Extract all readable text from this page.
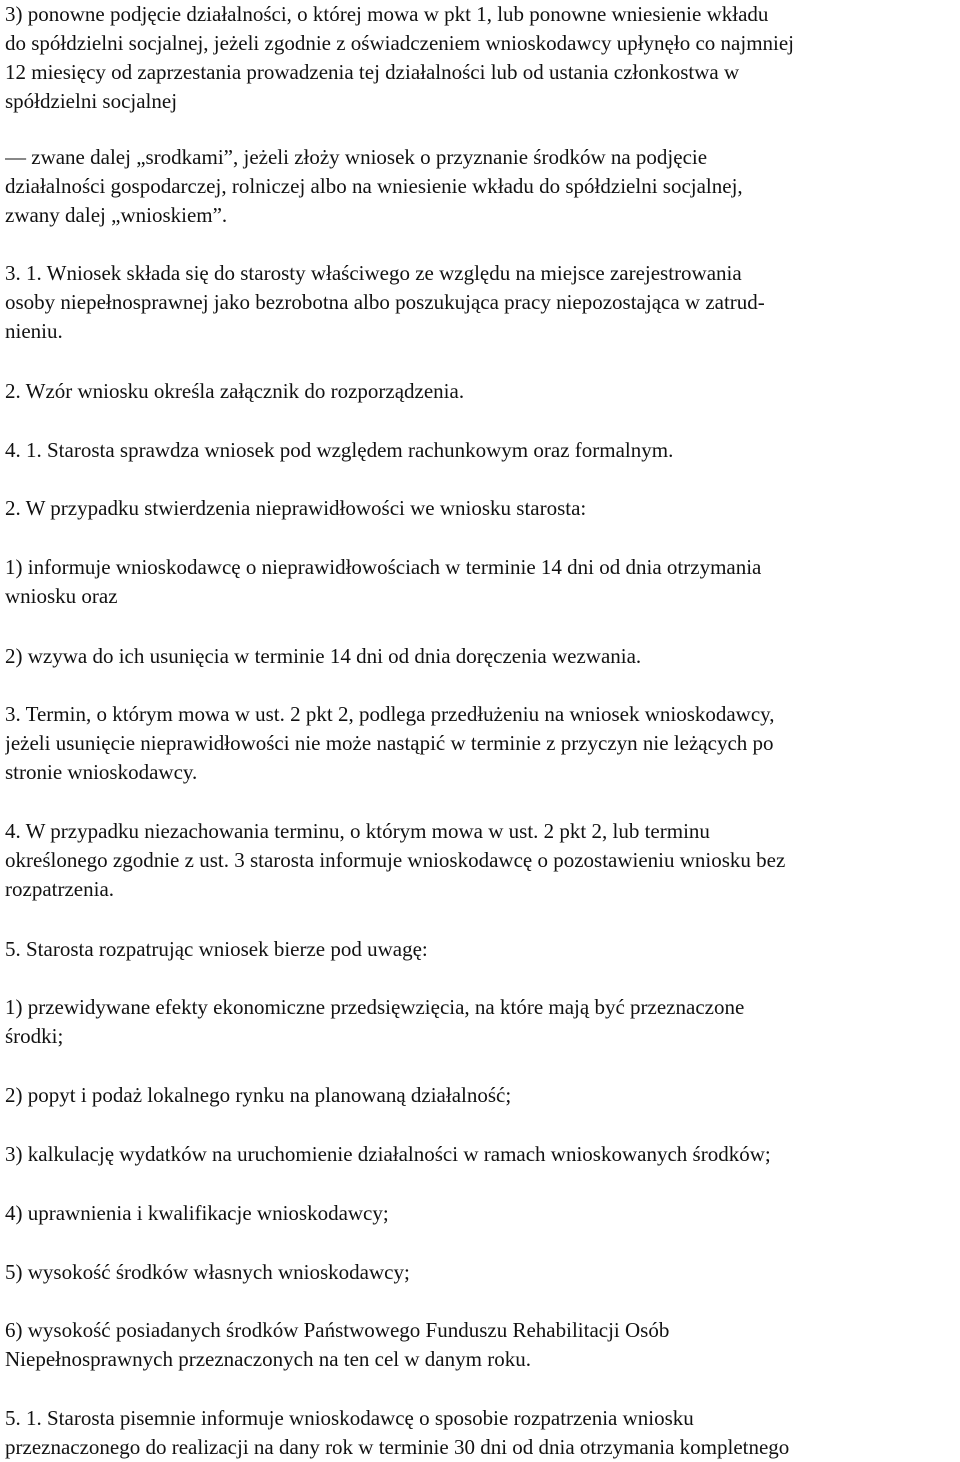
3) ponowne podjęcie działalności, o której mowa w pkt 1, lub ponowne wniesienie wkładu
do spółdzielni socjalnej, jeżeli zgodnie z oświadczeniem wnioskodawcy upłynęło co najmniej
12 miesięcy od zaprzestania prowadzenia tej działalności lub od ustania członkostwa w
spółdzielni socjalnej

— zwane dalej „srodkami”, jeżeli złoży wniosek o przyznanie środków na podjęcie
działalności gospodarczej, rolniczej albo na wniesienie wkładu do spółdzielni socjalnej,
zwany dalej „wnioskiem”.

3. 1. Wniosek składa się do starosty właściwego ze względu na miejsce zarejestrowania
osoby niepełnosprawnej jako bezrobotna albo poszukująca pracy niepozostająca w zatrud-
nieniu.

2. Wzór wniosku określa załącznik do rozporządzenia.

4. 1. Starosta sprawdza wniosek pod względem rachunkowym oraz formalnym.

2. W przypadku stwierdzenia nieprawidłowości we wniosku starosta:

1) informuje wnioskodawcę o nieprawidłowościach w terminie 14 dni od dnia otrzymania
wniosku oraz

2) wzywa do ich usunięcia w terminie 14 dni od dnia doręczenia wezwania.

3. Termin, o którym mowa w ust. 2 pkt 2, podlega przedłużeniu na wniosek wnioskodawcy,
jeżeli usunięcie nieprawidłowości nie może nastąpić w terminie z przyczyn nie leżących po
stronie wnioskodawcy.

4. W przypadku niezachowania terminu, o którym mowa w ust. 2 pkt 2, lub terminu
określonego zgodnie z ust. 3 starosta informuje wnioskodawcę o pozostawieniu wniosku bez
rozpatrzenia.

5. Starosta rozpatrując wniosek bierze pod uwagę:

1) przewidywane efekty ekonomiczne przedsięwzięcia, na które mają być przeznaczone
środki;

2) popyt i podaż lokalnego rynku na planowaną działalność;

3) kalkulację wydatków na uruchomienie działalności w ramach wnioskowanych środków;

4) uprawnienia i kwalifikacje wnioskodawcy;

5) wysokość środków własnych wnioskodawcy;

6) wysokość posiadanych środków Państwowego Funduszu Rehabilitacji Osób
Niepełnosprawnych przeznaczonych na ten cel w danym roku.

5. 1. Starosta pisemnie informuje wnioskodawcę o sposobie rozpatrzenia wniosku
przeznaczonego do realizacji na dany rok w terminie 30 dni od dnia otrzymania kompletnego
